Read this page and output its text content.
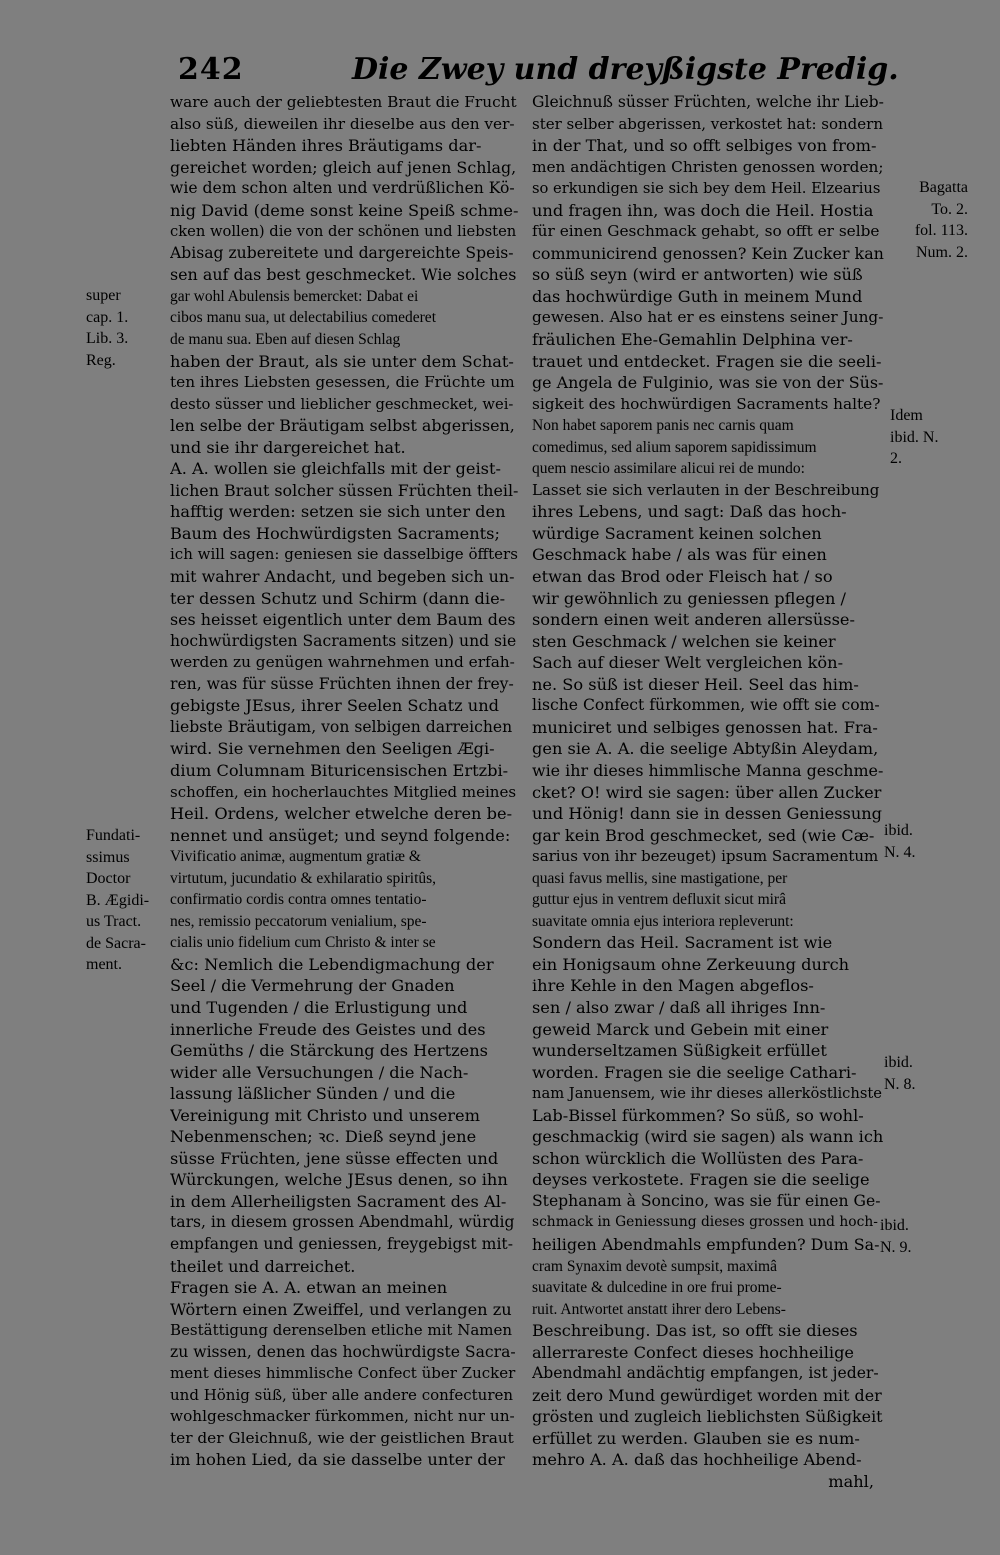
242	Die Zwey und dreyßigste Predig.
ware auch der geliebtesten Braut die Frucht
also süß, dieweilen ihr dieselbe aus den ver-
liebten Händen ihres Bräutigams dar-
gereichet worden; gleich auf jenen Schlag,
wie dem schon alten und verdrüßlichen Kö-
nig David (deme sonst keine Speiß schme-
cken wollen) die von der schönen und liebsten
Abisag zubereitete und dargereichte Speis-
sen auf das best geschmecket. Wie solches
gar wohl Abulensis bemercket: Dabat ei
cibos manu sua, ut delectabilius comederet
de manu sua. Eben auf diesen Schlag
haben der Braut, als sie unter dem Schat-
ten ihres Liebsten gesessen, die Früchte um
desto süsser und lieblicher geschmecket, wei-
len selbe der Bräutigam selbst abgerissen,
und sie ihr dargereichet hat.
A. A. wollen sie gleichfalls mit der geist-
lichen Braut solcher süssen Früchten theil-
hafftig werden: setzen sie sich unter den
Baum des Hochwürdigsten Sacraments;
ich will sagen: geniesen sie dasselbige öffters
mit wahrer Andacht, und begeben sich un-
ter dessen Schutz und Schirm (dann die-
ses heisset eigentlich unter dem Baum des
hochwürdigsten Sacraments sitzen) und sie
werden zu genügen wahrnehmen und erfah-
ren, was für süsse Früchten ihnen der frey-
gebigste JEsus, ihrer Seelen Schatz und
liebste Bräutigam, von selbigen darreichen
wird. Sie vernehmen den Seeligen Ægi-
dium Columnam Bituricensischen Ertzbi-
schoffen, ein hocherlauchtes Mitglied meines
Heil. Ordens, welcher etwelche deren be-
nennet und ansüget; und seynd folgende:
Vivificatio animæ, augmentum gratiæ &
virtutum, jucundatio & exhilaratio spiritûs,
confirmatio cordis contra omnes tentatio-
nes, remissio peccatorum venialium, spe-
cialis unio fidelium cum Christo & inter se
&c: Nemlich die Lebendigmachung der
Seel / die Vermehrung der Gnaden
und Tugenden / die Erlustigung und
innerliche Freude des Geistes und des
Gemüths / die Stärckung des Hertzens
wider alle Versuchungen / die Nach-
lassung läßlicher Sünden / und die
Vereinigung mit Christo und unserem
Nebenmenschen; ꝛc. Dieß seynd jene
süsse Früchten, jene süsse effecten und
Würckungen, welche JEsus denen, so ihn
in dem Allerheiligsten Sacrament des Al-
tars, in diesem grossen Abendmahl, würdig
empfangen und geniessen, freygebigst mit-
theilet und darreichet.
Fragen sie A. A. etwan an meinen
Wörtern einen Zweiffel, und verlangen zu
Bestättigung derenselben etliche mit Namen
zu wissen, denen das hochwürdigste Sacra-
ment dieses himmlische Confect über Zucker
und Hönig süß, über alle andere confecturen
wohlgeschmacker fürkommen, nicht nur un-
ter der Gleichnuß, wie der geistlichen Braut
im hohen Lied, da sie dasselbe unter der
Gleichnuß süsser Früchten, welche ihr Lieb-
ster selber abgerissen, verkostet hat: sondern
in der That, und so offt selbiges von from-
men andächtigen Christen genossen worden;
so erkundigen sie sich bey dem Heil. Elzearius
und fragen ihn, was doch die Heil. Hostia
für einen Geschmack gehabt, so offt er selbe
communicirend genossen? Kein Zucker kan
so süß seyn (wird er antworten) wie süß
das hochwürdige Guth in meinem Mund
gewesen. Also hat er es einstens seiner Jung-
fräulichen Ehe-Gemahlin Delphina ver-
trauet und entdecket. Fragen sie die seeli-
ge Angela de Fulginio, was sie von der Süs-
sigkeit des hochwürdigen Sacraments halte?
Non habet saporem panis nec carnis quam
comedimus, sed alium saporem sapidissimum
quem nescio assimilare alicui rei de mundo:
Lasset sie sich verlauten in der Beschreibung
ihres Lebens, und sagt: Daß das hoch-
würdige Sacrament keinen solchen
Geschmack habe / als was für einen
etwan das Brod oder Fleisch hat / so
wir gewöhnlich zu geniessen pflegen /
sondern einen weit anderen allersüsse-
sten Geschmack / welchen sie keiner
Sach auf dieser Welt vergleichen kön-
ne. So süß ist dieser Heil. Seel das him-
lische Confect fürkommen, wie offt sie com-
municiret und selbiges genossen hat. Fra-
gen sie A. A. die seelige Abtyßin Aleydam,
wie ihr dieses himmlische Manna geschme-
cket? O! wird sie sagen: über allen Zucker
und Hönig! dann sie in dessen Geniessung
gar kein Brod geschmecket, sed (wie Cæ-
sarius von ihr bezeuget) ipsum Sacramentum
quasi favus mellis, sine mastigatione, per
guttur ejus in ventrem defluxit sicut mirâ
suavitate omnia ejus interiora repleverunt:
Sondern das Heil. Sacrament ist wie
ein Honigsaum ohne Zerkeuung durch
ihre Kehle in den Magen abgeflos-
sen / also zwar / daß all ihriges Inn-
geweid Marck und Gebein mit einer
wunderseltzamen Süßigkeit erfüllet
worden. Fragen sie die seelige Cathari-
nam Januensem, wie ihr dieses allerköstlichste
Lab-Bissel fürkommen? So süß, so wohl-
geschmackig (wird sie sagen) als wann ich
schon würcklich die Wollüsten des Para-
deyses verkostete. Fragen sie die seelige
Stephanam à Soncino, was sie für einen Ge-
schmack in Geniessung dieses grossen und hoch-
heiligen Abendmahls empfunden? Dum Sa-
cram Synaxim devotè sumpsit, maximâ
suavitate & dulcedine in ore frui prome-
ruit. Antwortet anstatt ihrer dero Lebens-
Beschreibung. Das ist, so offt sie dieses
allerrareste Confect dieses hochheilige
Abendmahl andächtig empfangen, ist jeder-
zeit dero Mund gewürdiget worden mit der
grösten und zugleich lieblichsten Süßigkeit
erfüllet zu werden. Glauben sie es num-
mehro A. A. daß das hochheilige Abend-
mahl,
super
cap. 1.
Lib. 3.
Reg.
Fundati-
ssimus
Doctor
B. Ægidi-
us Tract.
de Sacra-
ment.
Bagatta
To. 2.
fol. 113.
Num. 2.
Idem
ibid. N.
2.
ibid.
N. 4.
ibid.
N. 8.
ibid.
N. 9.
